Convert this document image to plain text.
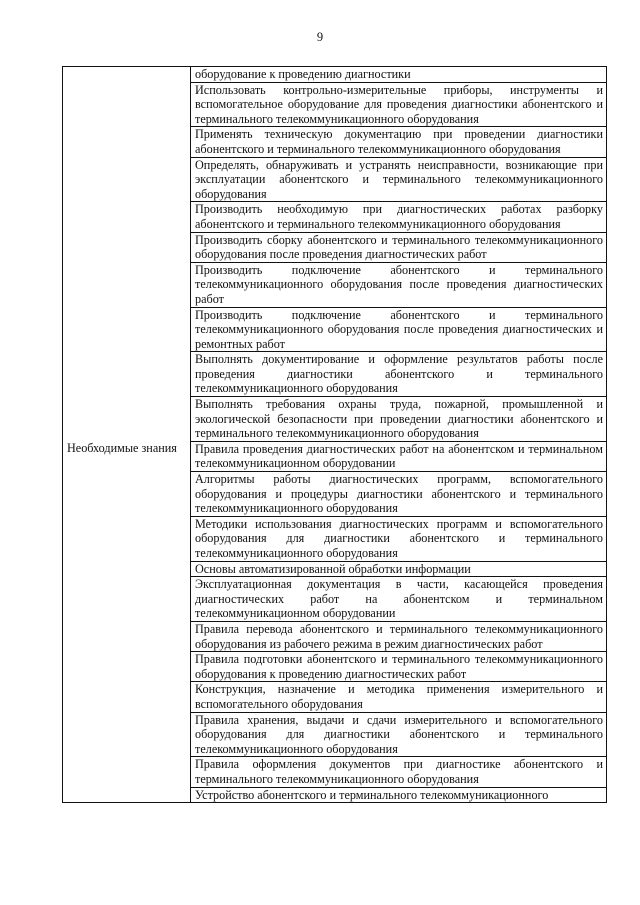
9
	оборудование к проведению диагностики
	Использовать контрольно-измерительные приборы, инструменты и вспомогательное оборудование для проведения диагностики абонентского и терминального телекоммуникационного оборудования
	Применять техническую документацию при проведении диагностики абонентского и терминального телекоммуникационного оборудования
	Определять, обнаруживать и устранять неисправности, возникающие при эксплуатации абонентского и терминального телекоммуникационного оборудования
	Производить необходимую при диагностических работах разборку абонентского и терминального телекоммуникационного оборудования
	Производить сборку абонентского и терминального телекоммуникационного оборудования после проведения диагностических работ
	Производить подключение абонентского и терминального телекоммуникационного оборудования после проведения диагностических работ
	Производить подключение абонентского и терминального телекоммуникационного оборудования после проведения диагностических и ремонтных работ
	Выполнять документирование и оформление результатов работы после проведения диагностики абонентского и терминального телекоммуникационного оборудования
	Выполнять требования охраны труда, пожарной, промышленной и экологической безопасности при проведении диагностики абонентского и терминального телекоммуникационного оборудования
Необходимые знания	Правила проведения диагностических работ на абонентском и терминальном телекоммуникационном оборудовании
	Алгоритмы работы диагностических программ, вспомогательного оборудования и процедуры диагностики абонентского и терминального телекоммуникационного оборудования
	Методики использования диагностических программ и вспомогательного оборудования для диагностики абонентского и терминального телекоммуникационного оборудования
	Основы автоматизированной обработки информации
	Эксплуатационная документация в части, касающейся проведения диагностических работ на абонентском и терминальном телекоммуникационном оборудовании
	Правила перевода абонентского и терминального телекоммуникационного оборудования из рабочего режима в режим диагностических работ
	Правила подготовки абонентского и терминального телекоммуникационного оборудования к проведению диагностических работ
	Конструкция, назначение и методика применения измерительного и вспомогательного оборудования
	Правила хранения, выдачи и сдачи измерительного и вспомогательного оборудования для диагностики абонентского и терминального телекоммуникационного оборудования
	Правила оформления документов при диагностике абонентского и терминального телекоммуникационного оборудования

	Устройство абонентского и терминального телекоммуникационного
